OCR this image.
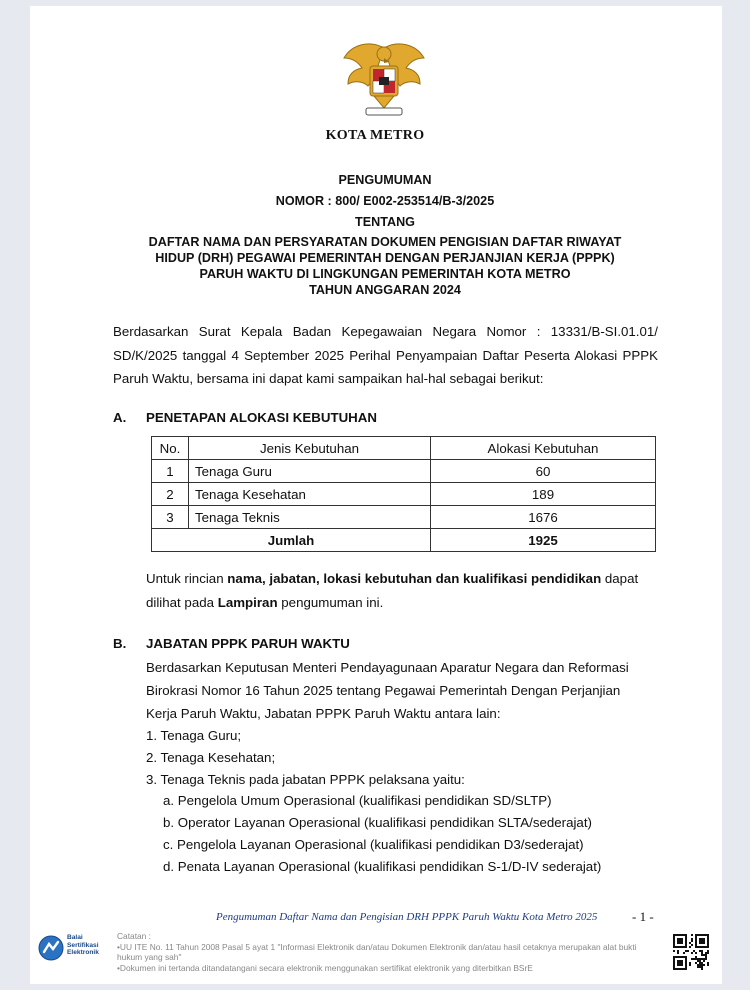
KOTA METRO
PENGUMUMAN
NOMOR : 800/ E002-253514/B-3/2025
TENTANG
DAFTAR NAMA DAN PERSYARATAN DOKUMEN PENGISIAN DAFTAR RIWAYAT
HIDUP (DRH) PEGAWAI PEMERINTAH DENGAN PERJANJIAN KERJA (PPPK)
PARUH WAKTU DI LINGKUNGAN PEMERINTAH KOTA METRO
TAHUN ANGGARAN 2024
Berdasarkan Surat Kepala Badan Kepegawaian Negara Nomor : 13331/B-SI.01.01/ SD/K/2025 tanggal 4 September 2025 Perihal Penyampaian Daftar Peserta Alokasi PPPK Paruh Waktu, bersama ini dapat kami sampaikan hal-hal sebagai berikut:
A. PENETAPAN ALOKASI KEBUTUHAN
No.	Jenis Kebutuhan	Alokasi Kebutuhan
1	Tenaga Guru	60
2	Tenaga Kesehatan	189
3	Tenaga Teknis	1676
Jumlah		1925
Untuk rincian nama, jabatan, lokasi kebutuhan dan kualifikasi pendidikan dapat
dilihat pada Lampiran pengumuman ini.
B. JABATAN PPPK PARUH WAKTU
Berdasarkan Keputusan Menteri Pendayagunaan Aparatur Negara dan Reformasi
Birokrasi Nomor 16 Tahun 2025 tentang Pegawai Pemerintah Dengan Perjanjian
Kerja Paruh Waktu, Jabatan PPPK Paruh Waktu antara lain:
1. Tenaga Guru;
2. Tenaga Kesehatan;
3. Tenaga Teknis pada jabatan PPPK pelaksana yaitu:
a. Pengelola Umum Operasional (kualifikasi pendidikan SD/SLTP)
b. Operator Layanan Operasional (kualifikasi pendidikan SLTA/sederajat)
c. Pengelola Layanan Operasional (kualifikasi pendidikan D3/sederajat)
d. Penata Layanan Operasional (kualifikasi pendidikan S-1/D-IV sederajat)
Pengumuman Daftar Nama dan Pengisian DRH PPPK Paruh Waktu Kota Metro 2025	- 1 -
Balai
Sertifikasi
Elektronik
Catatan :
•UU ITE No. 11 Tahun 2008 Pasal 5 ayat 1 "Informasi Elektronik dan/atau Dokumen Elektronik dan/atau hasil cetaknya merupakan alat bukti hukum yang sah"
•Dokumen ini tertanda ditandatangani secara elektronik menggunakan sertifikat elektronik yang diterbitkan BSrE
